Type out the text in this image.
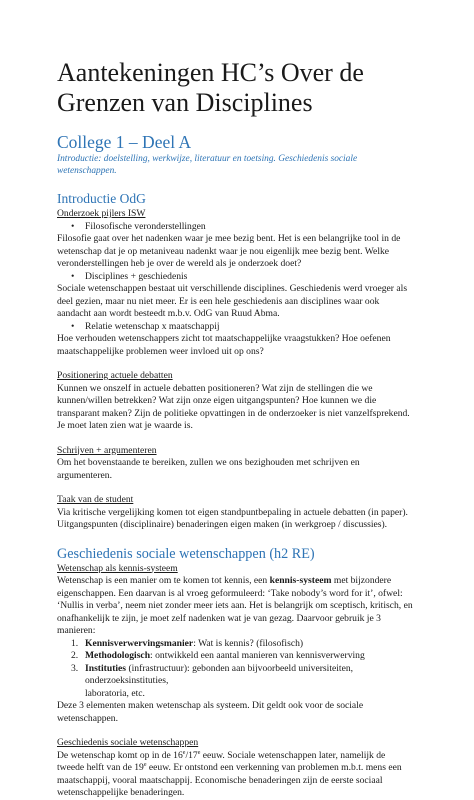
Aantekeningen HC’s Over de Grenzen van Disciplines
College 1 – Deel A
Introductie: doelstelling, werkwijze, literatuur en toetsing. Geschiedenis sociale wetenschappen.
Introductie OdG
Onderzoek pijlers ISW
•	Filosofische veronderstellingen
Filosofie gaat over het nadenken waar je mee bezig bent. Het is een belangrijke tool in de wetenschap dat je op metaniveau nadenkt waar je nou eigenlijk mee bezig bent. Welke veronderstellingen heb je over de wereld als je onderzoek doet?
•	Disciplines + geschiedenis
Sociale wetenschappen bestaat uit verschillende disciplines. Geschiedenis werd vroeger als deel gezien, maar nu niet meer. Er is een hele geschiedenis aan disciplines waar ook aandacht aan wordt besteedt m.b.v. OdG van Ruud Abma.
•	Relatie wetenschap x maatschappij
Hoe verhouden wetenschappers zicht tot maatschappelijke vraagstukken? Hoe oefenen maatschappelijke problemen weer invloed uit op ons?
Positionering actuele debatten
Kunnen we onszelf in actuele debatten positioneren? Wat zijn de stellingen die we kunnen/willen betrekken? Wat zijn onze eigen uitgangspunten? Hoe kunnen we die transparant maken? Zijn de politieke opvattingen in de onderzoeker is niet vanzelfsprekend. Je moet laten zien wat je waarde is.
Schrijven + argumenteren
Om het bovenstaande te bereiken, zullen we ons bezighouden met schrijven en argumenteren.
Taak van de student
Via kritische vergelijking komen tot eigen standpuntbepaling in actuele debatten (in paper). Uitgangspunten (disciplinaire) benaderingen eigen maken (in werkgroep / discussies).
Geschiedenis sociale wetenschappen (h2 RE)
Wetenschap als kennis-systeem
Wetenschap is een manier om te komen tot kennis, een kennis-systeem met bijzondere eigenschappen. Een daarvan is al vroeg geformuleerd: ‘Take nobody’s word for it’, ofwel: ‘Nullis in verba’, neem niet zonder meer iets aan. Het is belangrijk om sceptisch, kritisch, en onafhankelijk te zijn, je moet zelf nadenken wat je van gezag. Daarvoor gebruik je 3 manieren:
1. Kennisverwervingsmanier: Wat is kennis? (filosofisch)
2. Methodologisch: ontwikkeld een aantal manieren van kennisverwerving
3. Instituties (infrastructuur): gebonden aan bijvoorbeeld universiteiten, onderzoeksinstituties,
laboratoria, etc.
Deze 3 elementen maken wetenschap als systeem. Dit geldt ook voor de sociale wetenschappen.
Geschiedenis sociale wetenschappen
De wetenschap komt op in de 16e/17e eeuw. Sociale wetenschappen later, namelijk de tweede helft van de 19e eeuw. Er ontstond een verkenning van problemen m.b.t. mens een maatschappij, vooral maatschappij. Economische benaderingen zijn de eerste sociaal wetenschappelijke benaderingen.
